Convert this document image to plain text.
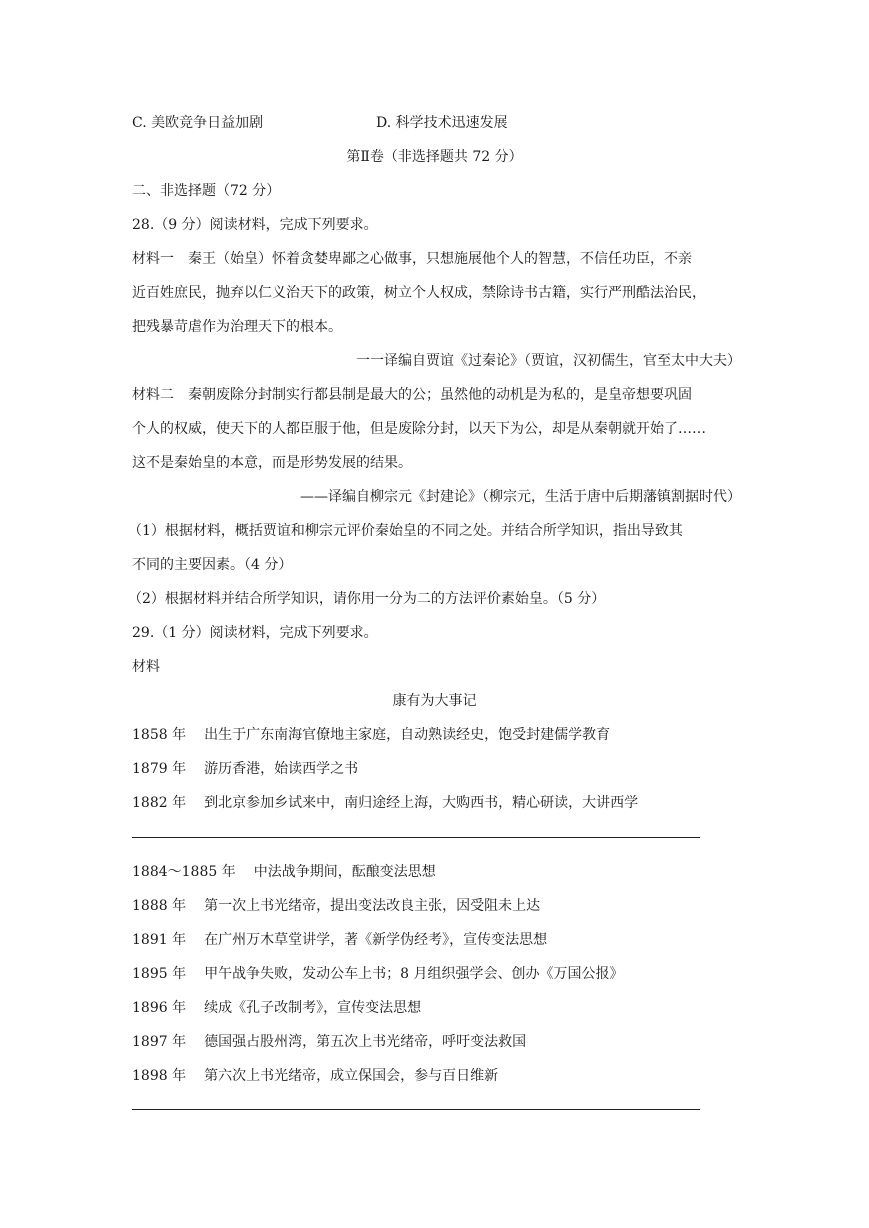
C. 美欧竞争日益加剧	D. 科学技术迅速发展
第Ⅱ卷（非选择题共 72 分）
二、非选择题（72 分）
28.（9 分）阅读材料，完成下列要求。
材料一　秦王（始皇）怀着贪婪卑鄙之心做事，只想施展他个人的智慧，不信任功臣，不亲
近百姓庶民，抛弃以仁义治天下的政策，树立个人权成，禁除诗书古籍，实行严刑酷法治民，
把残暴苛虐作为治理天下的根本。
一一译编自贾谊《过秦论》（贾谊，汉初儒生，官至太中大夫）
材料二　秦朝废除分封制实行都县制是最大的公；虽然他的动机是为私的，是皇帝想要巩固
个人的权威，使天下的人都臣服于他，但是废除分封，以天下为公，却是从秦朝就开始了……
这不是秦始皇的本意，而是形势发展的结果。
——译编自柳宗元《封建论》（柳宗元，生活于唐中后期藩镇割据时代）
（1）根据材料，概括贾谊和柳宗元评价秦始皇的不同之处。并结合所学知识，指出导致其
不同的主要因素。（4 分）
（2）根据材料并结合所学知识，请你用一分为二的方法评价素始皇。（5 分）
29.（1 分）阅读材料，完成下列要求。
材料
康有为大事记
1858 年 出生于广东南海官僚地主家庭，自动熟读经史，饱受封建儒学教育
1879 年 游历香港，始读西学之书
1882 年 到北京参加乡试来中，南归途经上海，大购西书，精心研读，大讲西学
1884～1885 年 中法战争期间，酝酿变法思想
1888 年 第一次上书光绪帝，提出变法改良主张，因受阻未上达
1891 年 在广州万木草堂讲学，著《新学伪经考》，宣传变法思想
1895 年 甲午战争失败，发动公车上书；8 月组织强学会、创办《万国公报》
1896 年 续成《孔子改制考》，宣传变法思想
1897 年 德国强占股州湾，第五次上书光绪帝，呼吁变法救国
1898 年 第六次上书光绪帝，成立保国会，参与百日维新
